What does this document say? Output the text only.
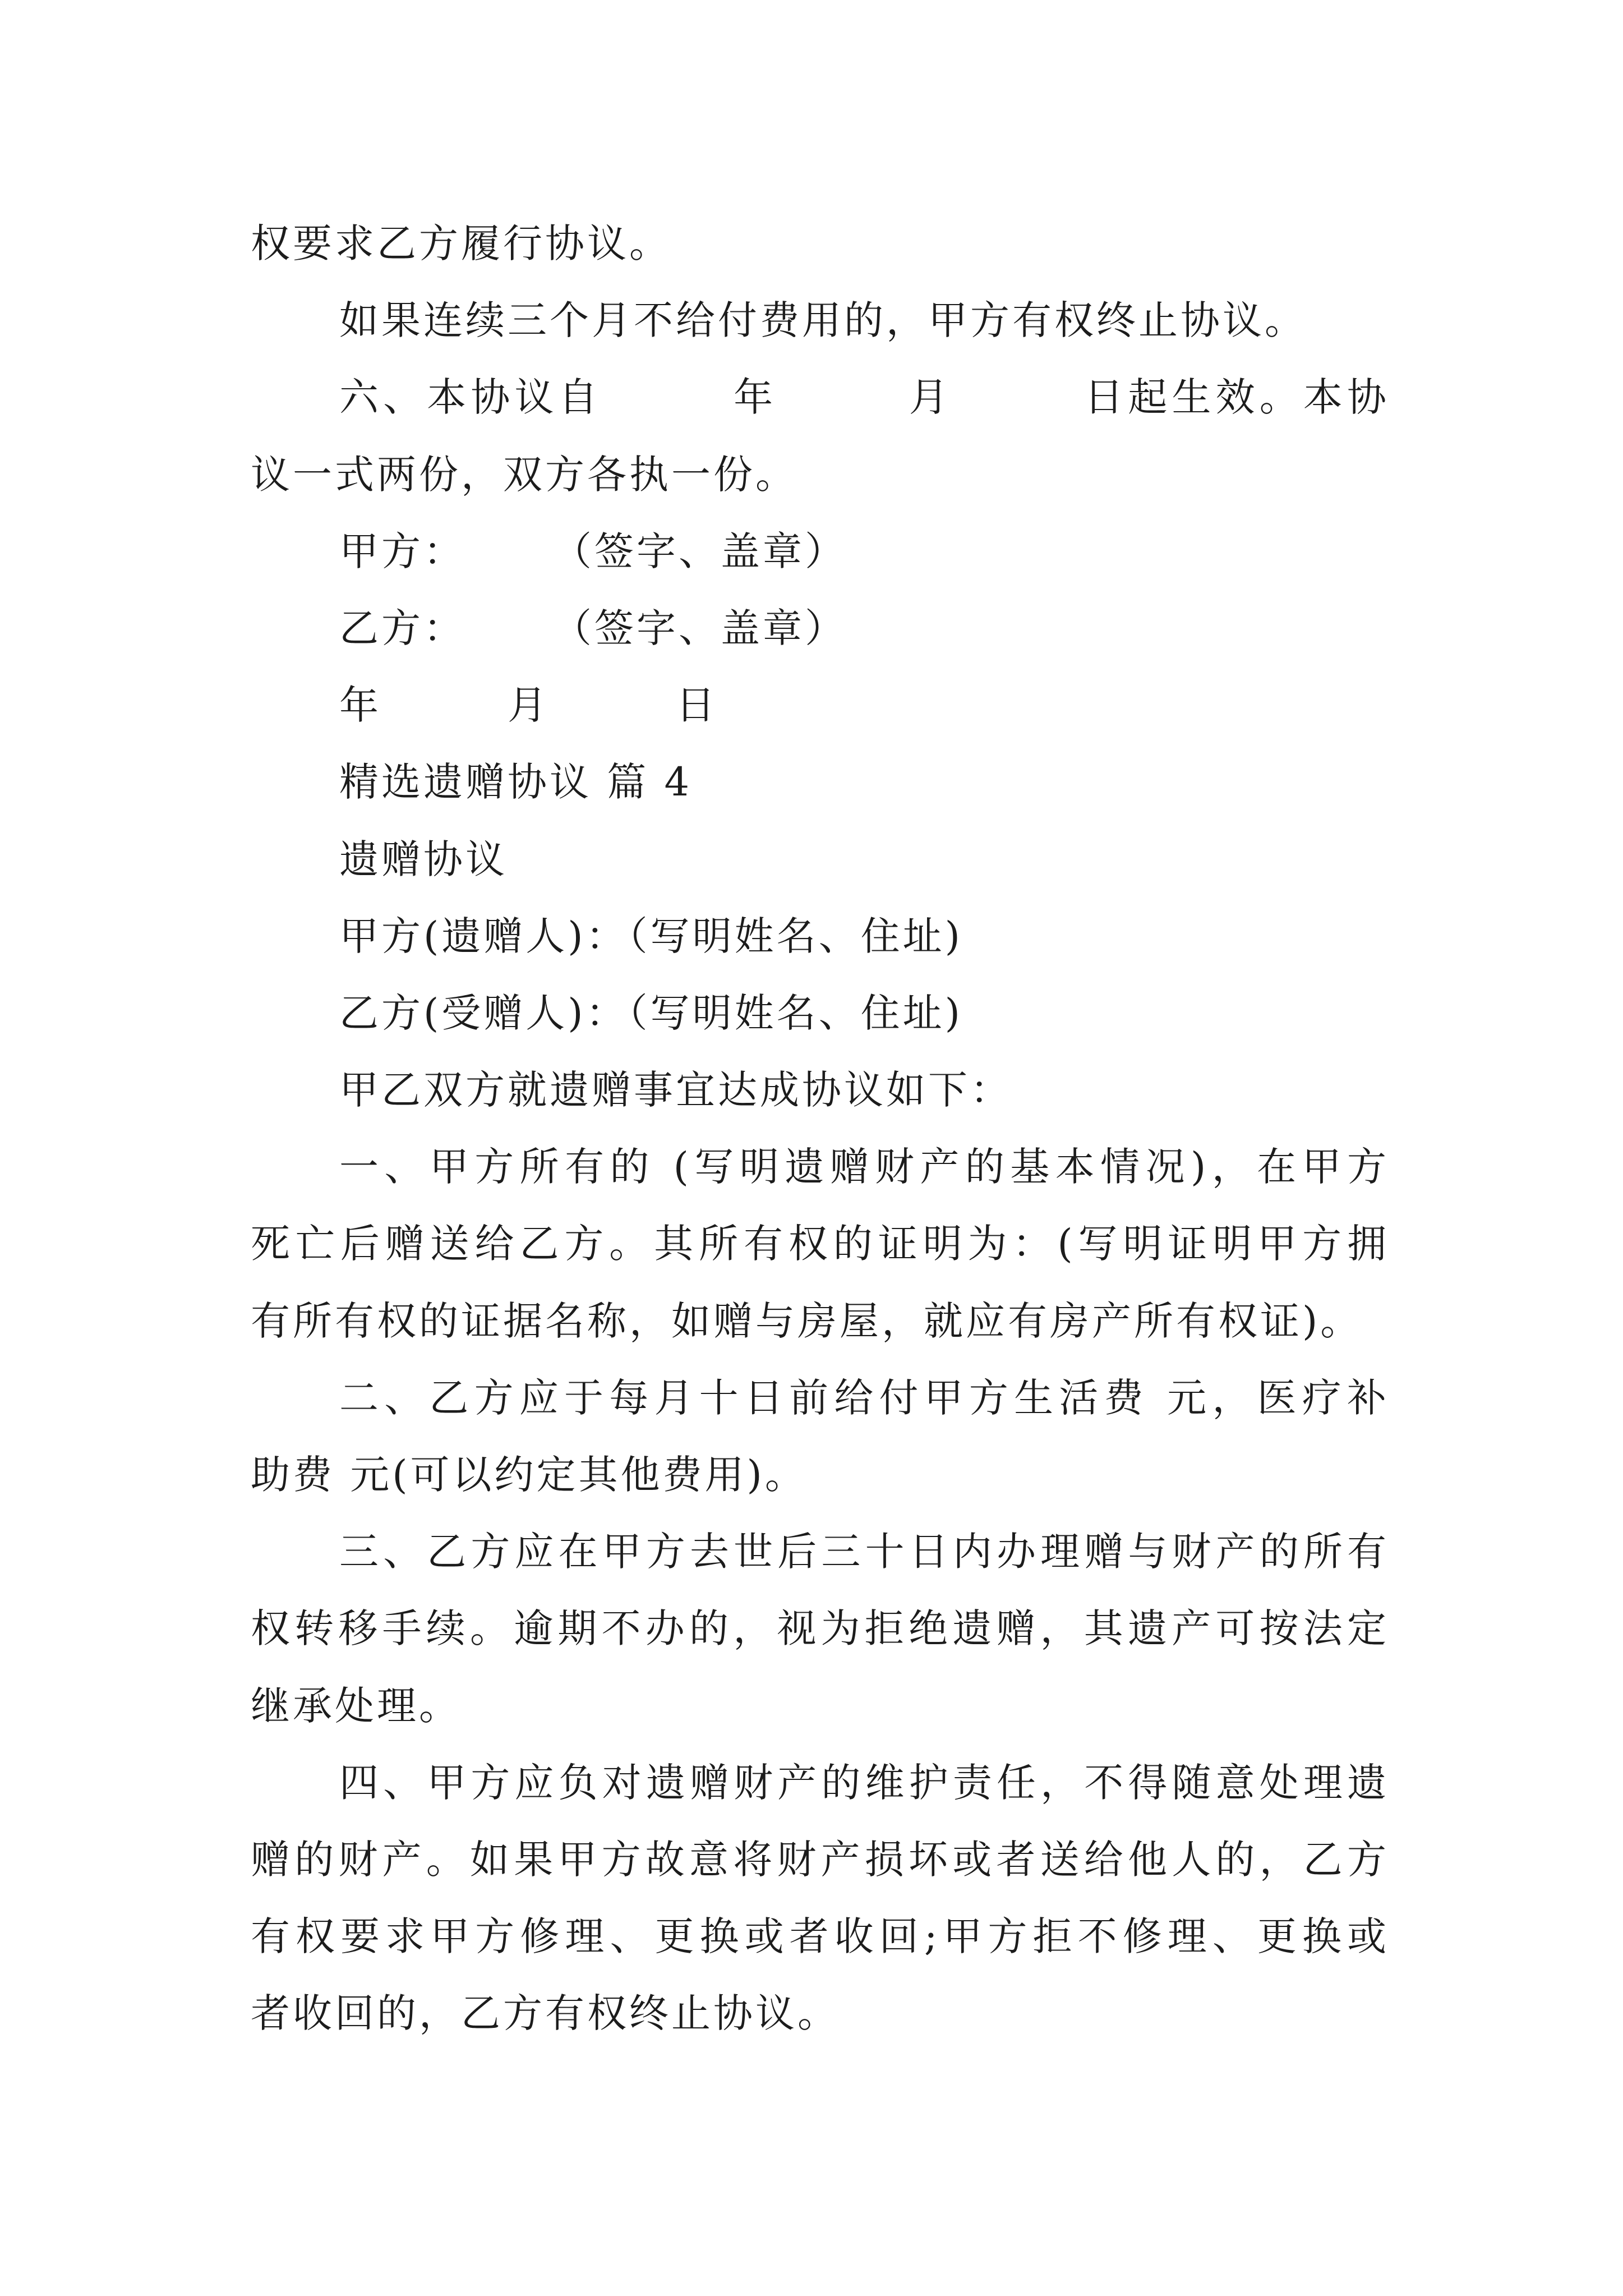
权要求乙方履行协议。
如果连续三个月不给付费用的，甲方有权终止协议。
六、本协议自　　　年　　　月　　　日起生效。本协
议一式两份，双方各执一份。
甲方：　　　（签字、盖章）
乙方：　　　（签字、盖章）
年　　　月　　　日
精选遗赠协议 篇 4
遗赠协议
甲方(遗赠人)：（写明姓名、住址)
乙方(受赠人)：（写明姓名、住址)
甲乙双方就遗赠事宜达成协议如下：
一、甲方所有的 (写明遗赠财产的基本情况)，在甲方
死亡后赠送给乙方。其所有权的证明为：(写明证明甲方拥
有所有权的证据名称，如赠与房屋，就应有房产所有权证)。
二、乙方应于每月十日前给付甲方生活费 元，医疗补
助费 元(可以约定其他费用)。
三、乙方应在甲方去世后三十日内办理赠与财产的所有
权转移手续。逾期不办的，视为拒绝遗赠，其遗产可按法定
继承处理。
四、甲方应负对遗赠财产的维护责任，不得随意处理遗
赠的财产。如果甲方故意将财产损坏或者送给他人的，乙方
有权要求甲方修理、更换或者收回;甲方拒不修理、更换或
者收回的，乙方有权终止协议。
